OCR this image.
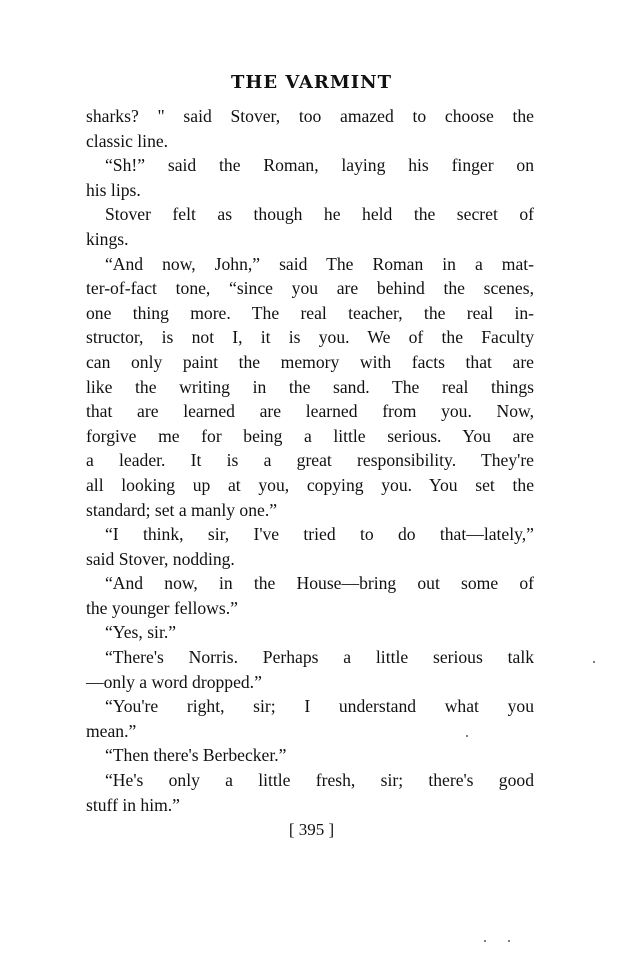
THE VARMINT
sharks? " said Stover, too amazed to choose the
classic line.
“Sh!” said the Roman, laying his finger on
his lips.
Stover felt as though he held the secret of
kings.
“And now, John,” said The Roman in a mat-
ter-of-fact tone, “since you are behind the scenes,
one thing more. The real teacher, the real in-
structor, is not I, it is you. We of the Faculty
can only paint the memory with facts that are
like the writing in the sand. The real things
that are learned are learned from you. Now,
forgive me for being a little serious. You are
a leader. It is a great responsibility. They're
all looking up at you, copying you. You set the
standard; set a manly one.”
“I think, sir, I've tried to do that—lately,”
said Stover, nodding.
“And now, in the House—bring out some of
the younger fellows.”
“Yes, sir.”
“There's Norris. Perhaps a little serious talk
—only a word dropped.”
“You're right, sir; I understand what you
mean.”
“Then there's Berbecker.”
“He's only a little fresh, sir; there's good
stuff in him.”
[ 395 ]
